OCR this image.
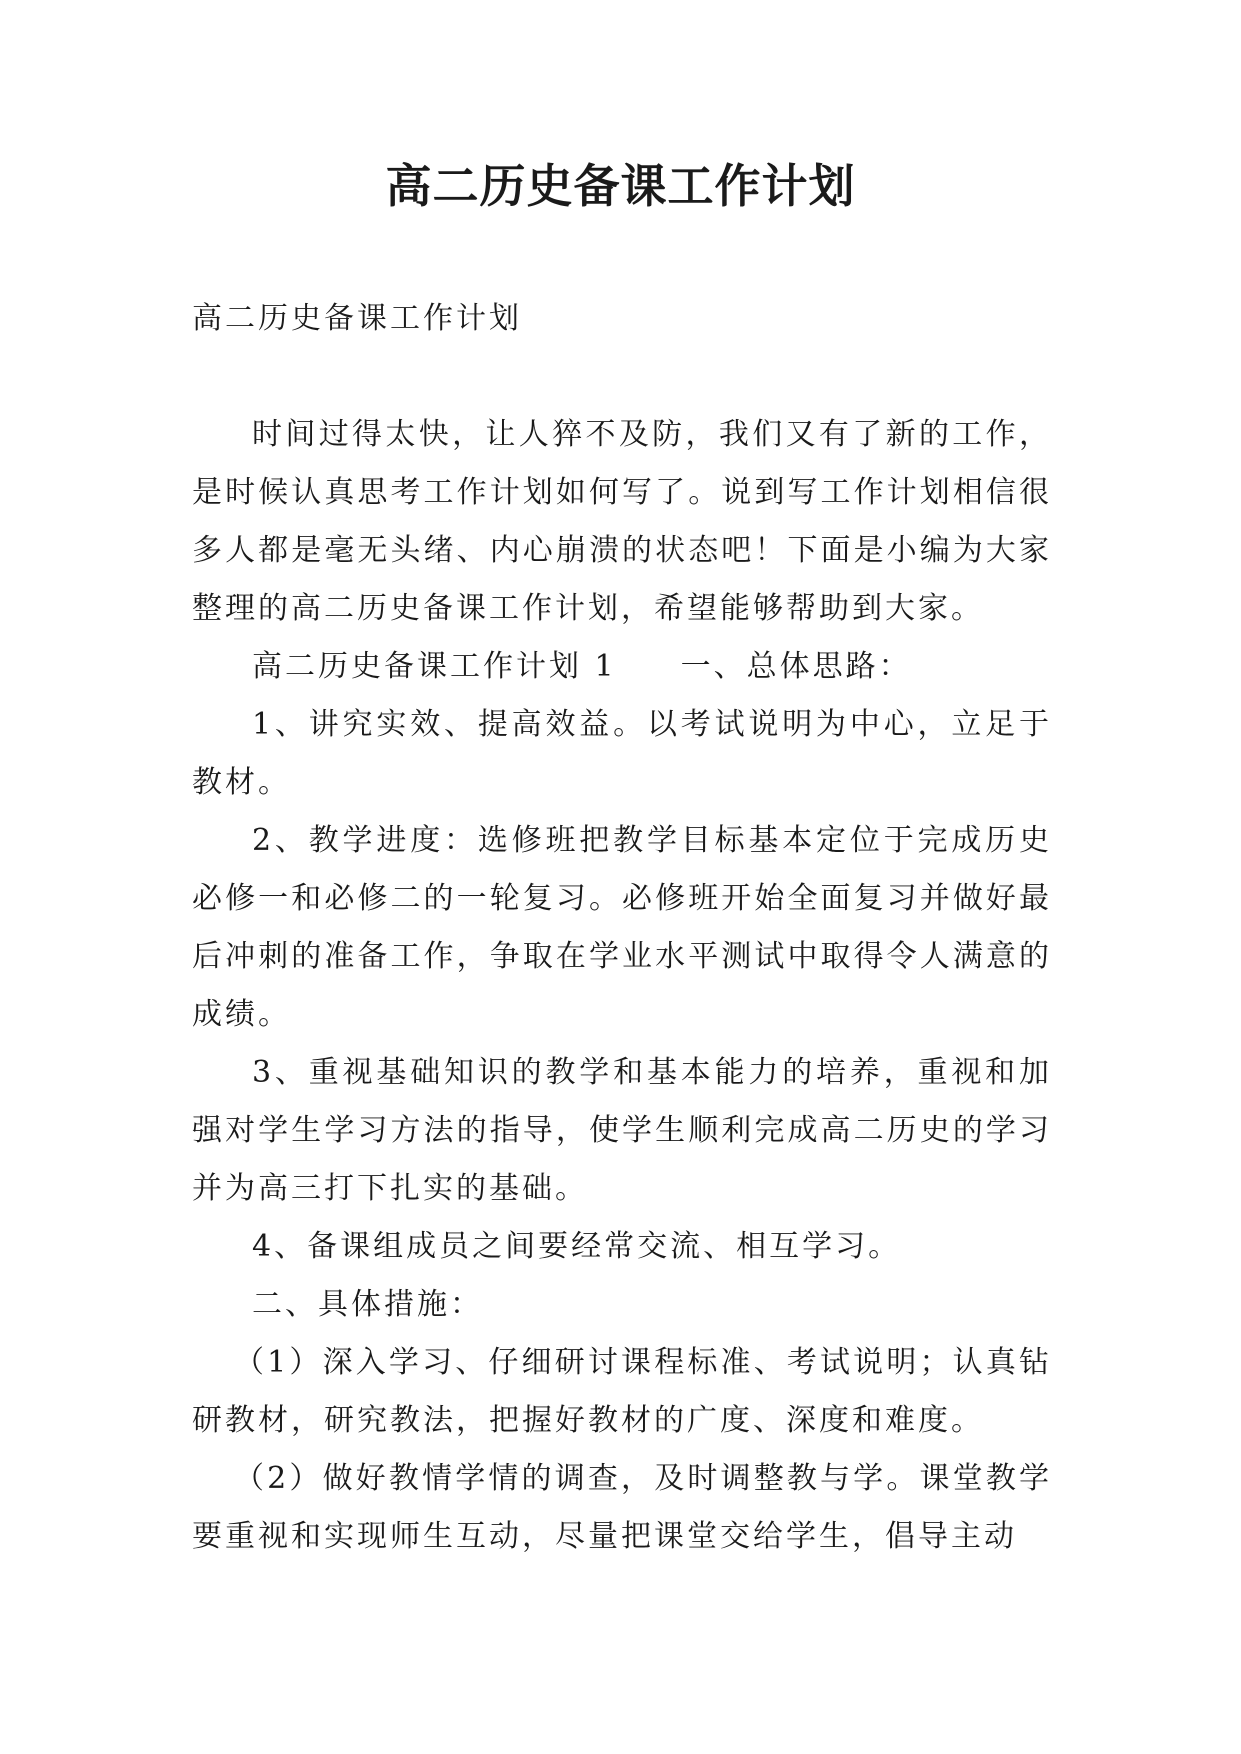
高二历史备课工作计划
高二历史备课工作计划

时间过得太快，让人猝不及防，我们又有了新的工作，是时候认真思考工作计划如何写了。说到写工作计划相信很多人都是毫无头绪、内心崩溃的状态吧！下面是小编为大家整理的高二历史备课工作计划，希望能够帮助到大家。

高二历史备课工作计划 1 一、总体思路：

1、讲究实效、提高效益。以考试说明为中心，立足于教材。

2、教学进度：选修班把教学目标基本定位于完成历史必修一和必修二的一轮复习。必修班开始全面复习并做好最后冲刺的准备工作，争取在学业水平测试中取得令人满意的成绩。

3、重视基础知识的教学和基本能力的培养，重视和加强对学生学习方法的指导，使学生顺利完成高二历史的学习并为高三打下扎实的基础。

4、备课组成员之间要经常交流、相互学习。

二、具体措施：

（1）深入学习、仔细研讨课程标准、考试说明；认真钻研教材，研究教法，把握好教材的广度、深度和难度。

（2）做好教情学情的调查，及时调整教与学。课堂教学要重视和实现师生互动，尽量把课堂交给学生，倡导主动
